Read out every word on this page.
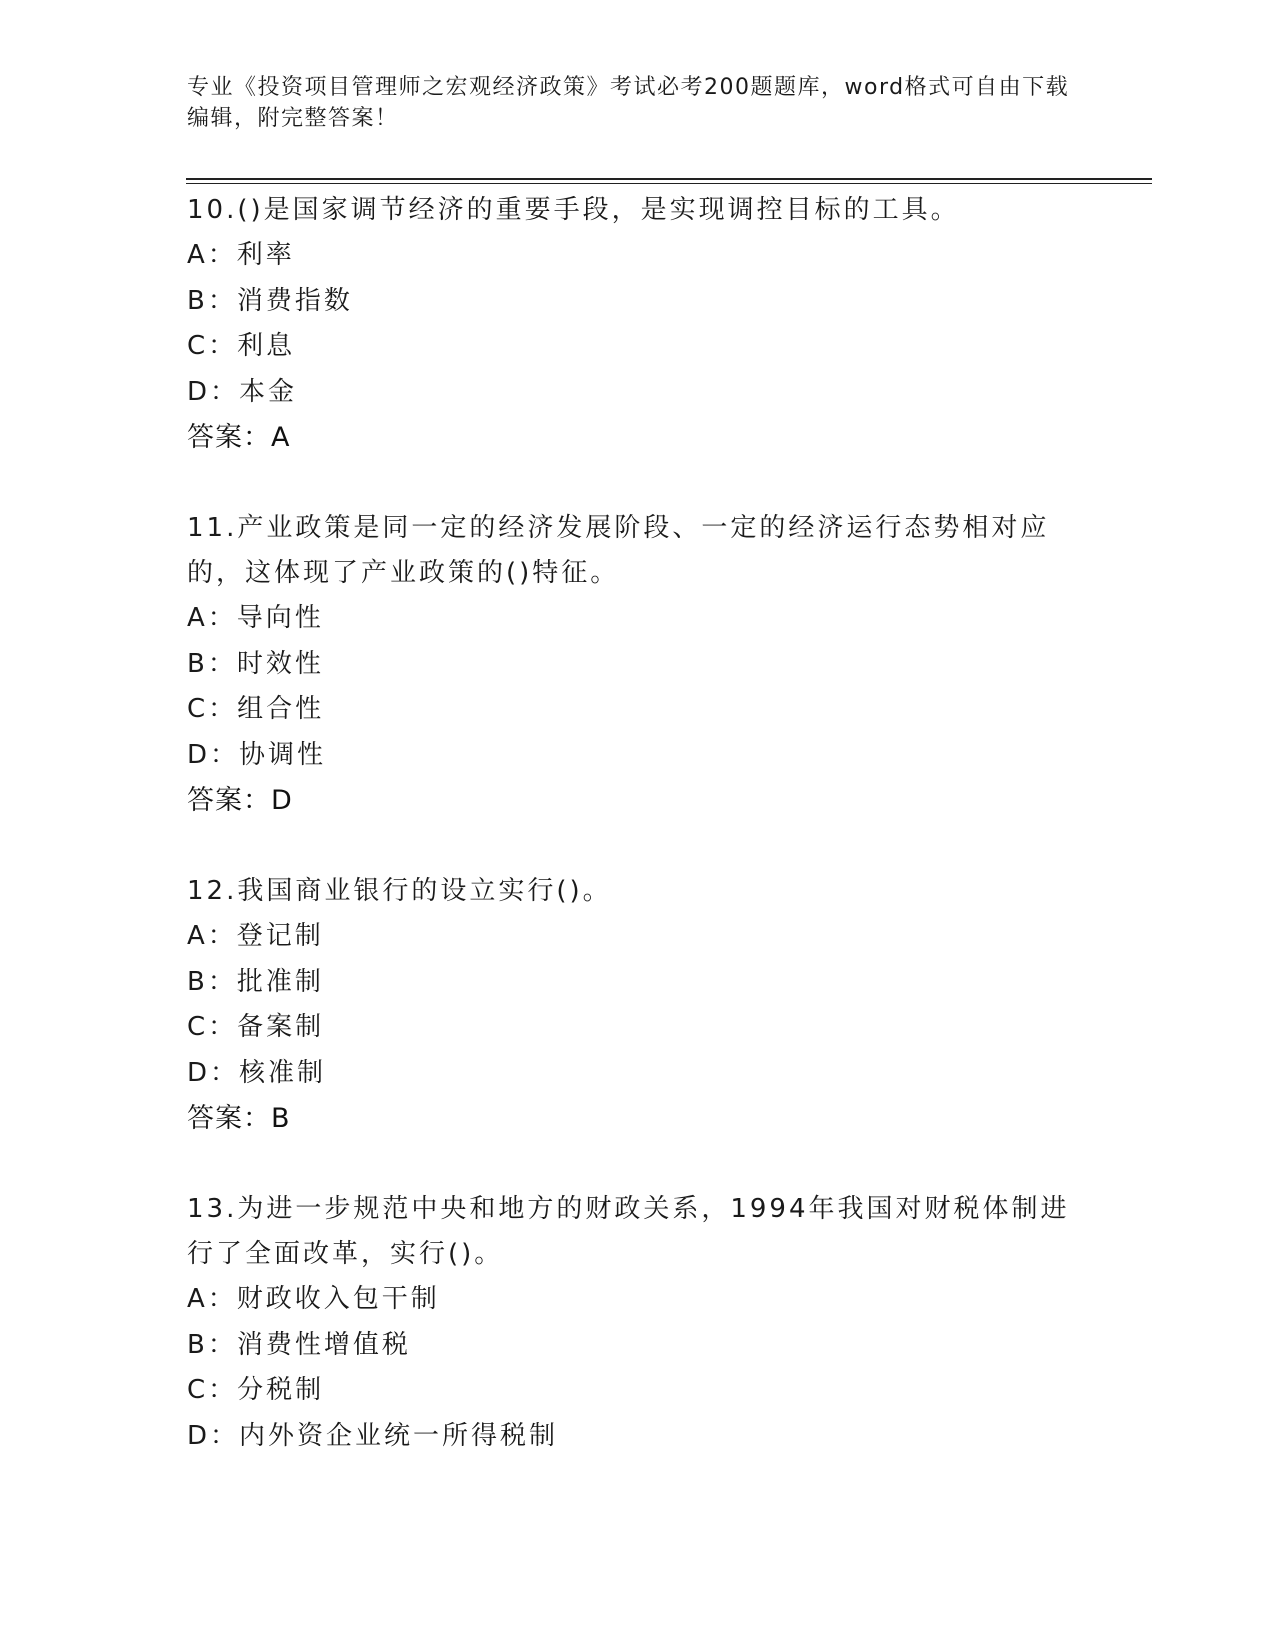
专业《投资项目管理师之宏观经济政策》考试必考200题题库，word格式可自由下载编辑，附完整答案！
10.()是国家调节经济的重要手段，是实现调控目标的工具。
A：利率
B：消费指数
C：利息
D：本金
答案：A
11.产业政策是同一定的经济发展阶段、一定的经济运行态势相对应的，这体现了产业政策的()特征。
A：导向性
B：时效性
C：组合性
D：协调性
答案：D
12.我国商业银行的设立实行()。
A：登记制
B：批准制
C：备案制
D：核准制
答案：B
13.为进一步规范中央和地方的财政关系，1994年我国对财税体制进行了全面改革，实行()。
A：财政收入包干制
B：消费性增值税
C：分税制
D：内外资企业统一所得税制
